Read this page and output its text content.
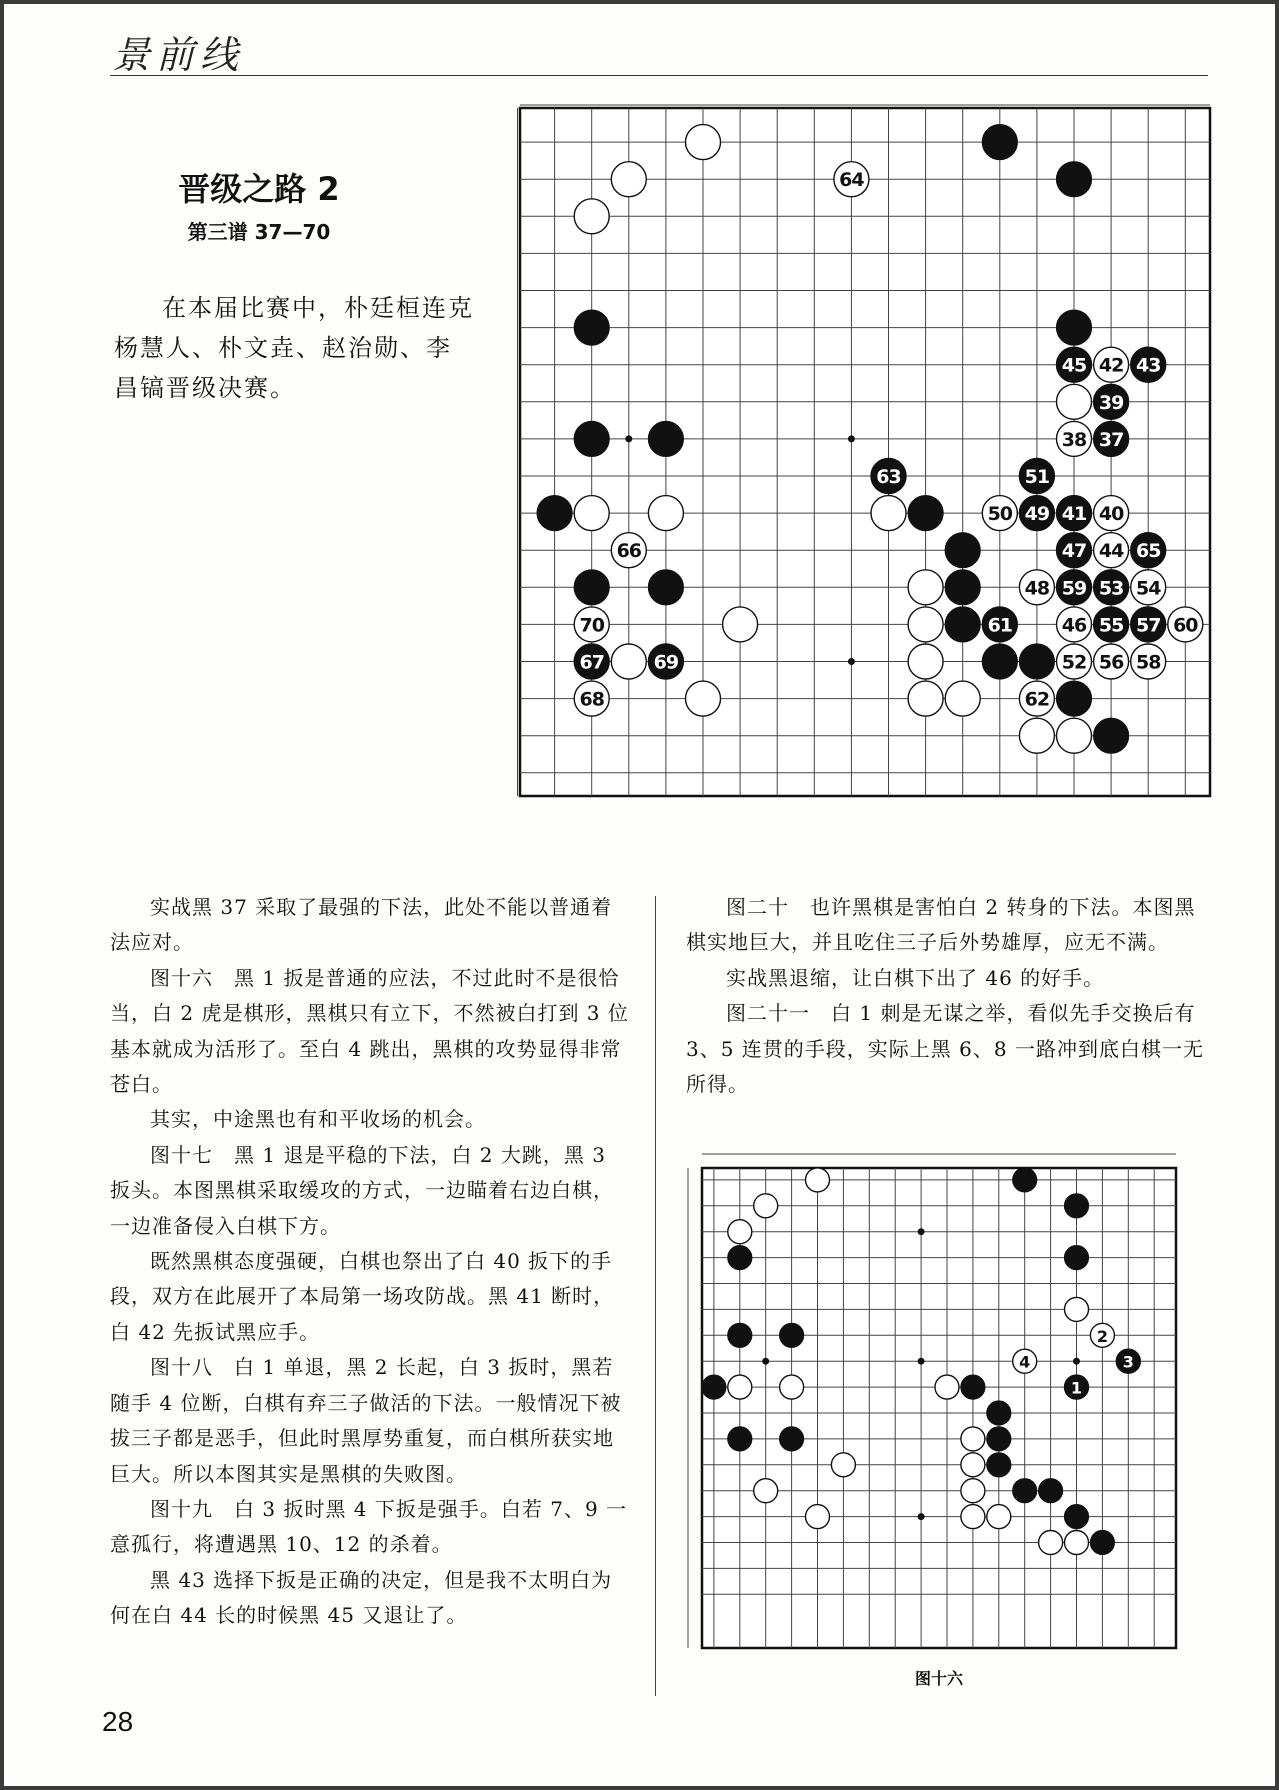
景前线
晋级之路 2
第三谱 37—70

在本届比赛中，朴廷桓连克杨慧人、朴文垚、赵治勋、李昌镐晋级决赛。

64
45 42 43
39
38 37
63	51
50 49 41 40
66	47 44 65
48 59 53 54
70	61	46 55 57 60
67	69	52 56 58
68	62

实战黑 37 采取了最强的下法，此处不能以普通着法应对。

图十六　黑 1 扳是普通的应法，不过此时不是很恰当，白 2 虎是棋形，黑棋只有立下，不然被白打到 3 位基本就成为活形了。至白 4 跳出，黑棋的攻势显得非常苍白。

其实，中途黑也有和平收场的机会。

图十七　黑 1 退是平稳的下法，白 2 大跳，黑 3 扳头。本图黑棋采取缓攻的方式，一边瞄着右边白棋，一边准备侵入白棋下方。

既然黑棋态度强硬，白棋也祭出了白 40 扳下的手段，双方在此展开了本局第一场攻防战。黑 41 断时，白 42 先扳试黑应手。

图十八　白 1 单退，黑 2 长起，白 3 扳时，黑若随手 4 位断，白棋有弃三子做活的下法。一般情况下被拔三子都是恶手，但此时黑厚势重复，而白棋所获实地巨大。所以本图其实是黑棋的失败图。

图十九　白 3 扳时黑 4 下扳是强手。白若 7、9 一意孤行，将遭遇黑 10、12 的杀着。

黑 43 选择下扳是正确的决定，但是我不太明白为何在白 44 长的时候黑 45 又退让了。

图二十　也许黑棋是害怕白 2 转身的下法。本图黑棋实地巨大，并且吃住三子后外势雄厚，应无不满。

实战黑退缩，让白棋下出了 46 的好手。

图二十一　白 1 刺是无谋之举，看似先手交换后有 3、5 连贯的手段，实际上黑 6、8 一路冲到底白棋一无所得。

2
4	3
1
图十六
28
